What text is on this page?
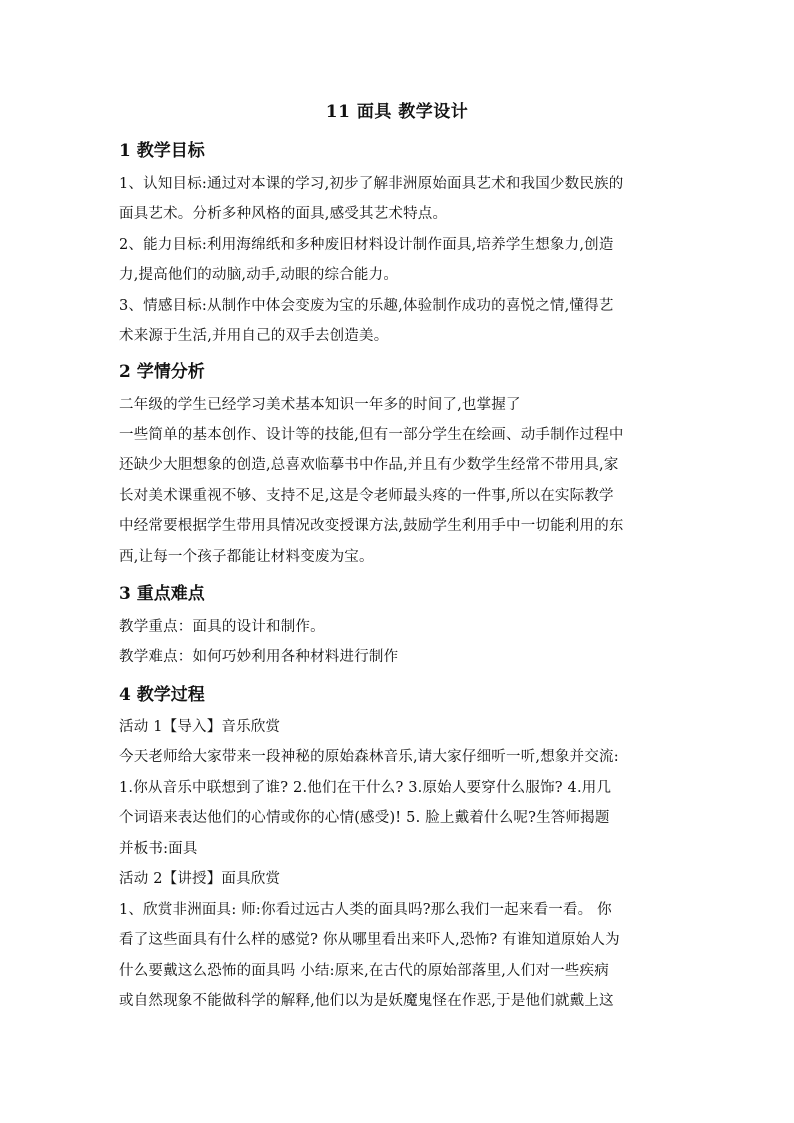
11 面具 教学设计
1 教学目标
1、认知目标:通过对本课的学习,初步了解非洲原始面具艺术和我国少数民族的
面具艺术。分析多种风格的面具,感受其艺术特点。
2、能力目标:利用海绵纸和多种废旧材料设计制作面具,培养学生想象力,创造
力,提高他们的动脑,动手,动眼的综合能力。
3、情感目标:从制作中体会变废为宝的乐趣,体验制作成功的喜悦之情,懂得艺
术来源于生活,并用自己的双手去创造美。
2 学情分析
二年级的学生已经学习美术基本知识一年多的时间了,也掌握了
一些简单的基本创作、设计等的技能,但有一部分学生在绘画、动手制作过程中
还缺少大胆想象的创造,总喜欢临摹书中作品,并且有少数学生经常不带用具,家
长对美术课重视不够、支持不足,这是令老师最头疼的一件事,所以在实际教学
中经常要根据学生带用具情况改变授课方法,鼓励学生利用手中一切能利用的东
西,让每一个孩子都能让材料变废为宝。
3 重点难点
教学重点：面具的设计和制作。
教学难点：如何巧妙利用各种材料进行制作
4 教学过程
活动 1【导入】音乐欣赏
今天老师给大家带来一段神秘的原始森林音乐,请大家仔细听一听,想象并交流:
1.你从音乐中联想到了谁? 2.他们在干什么? 3.原始人要穿什么服饰? 4.用几
个词语来表达他们的心情或你的心情(感受)! 5. 脸上戴着什么呢?生答师揭题
并板书:面具
活动 2【讲授】面具欣赏
1、欣赏非洲面具: 师:你看过远古人类的面具吗?那么我们一起来看一看。 你
看了这些面具有什么样的感觉? 你从哪里看出来吓人,恐怖? 有谁知道原始人为
什么要戴这么恐怖的面具吗 小结:原来,在古代的原始部落里,人们对一些疾病
或自然现象不能做科学的解释,他们以为是妖魔鬼怪在作恶,于是他们就戴上这
